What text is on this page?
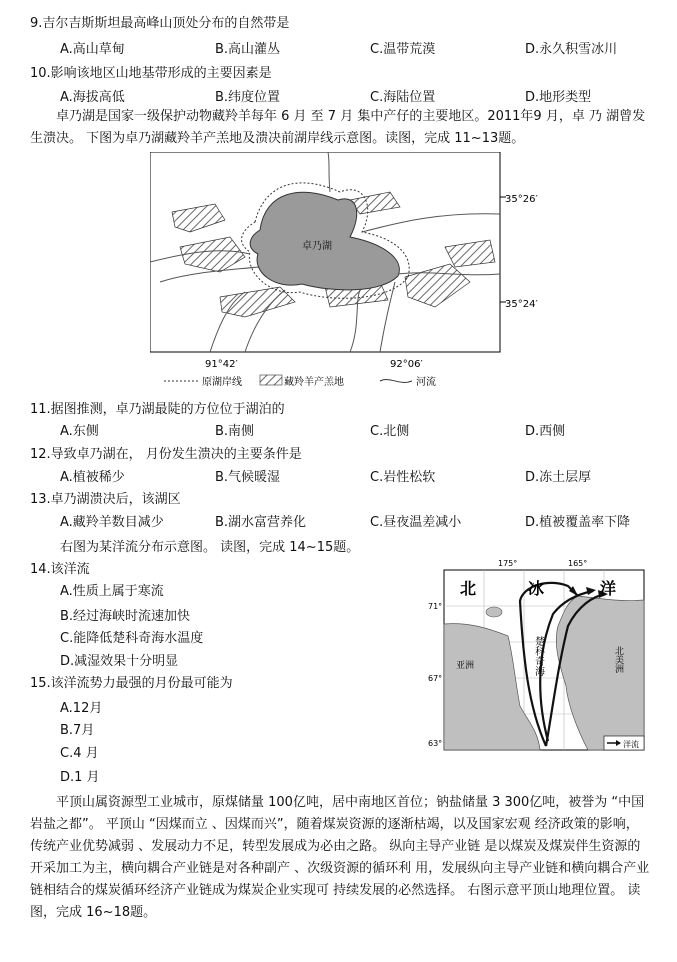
9.吉尔吉斯斯坦最高峰山顶处分布的自然带是
A.高山草甸	B.高山灌丛	C.温带荒漠	D.永久积雪冰川
10.影响该地区山地基带形成的主要因素是
A.海拔高低	B.纬度位置	C.海陆位置	D.地形类型
卓乃湖是国家一级保护动物藏羚羊每年 6 月 至 7 月 集中产仔的主要地区。2011年9 月，卓 乃 湖曾发生溃决。 下图为卓乃湖藏羚羊产羔地及溃决前湖岸线示意图。读图，完成 11~13题。
卓乃湖
35°26′
35°24′
91°42′	92°06′
原湖岸线	藏羚羊产羔地	河流
11.据图推测，卓乃湖最陡的方位位于湖泊的
A.东侧	B.南侧	C.北侧	D.西侧
12.导致卓乃湖在， 月份发生溃决的主要条件是
A.植被稀少	B.气候暖湿	C.岩性松软	D.冻土层厚
13.卓乃湖溃决后，该湖区
A.藏羚羊数目减少	B.湖水富营养化	C.昼夜温差减小	D.植被覆盖率下降
右图为某洋流分布示意图。 读图，完成 14~15题。
14.该洋流
A.性质上属于寒流
B.经过海峡时流速加快
C.能降低楚科奇海水温度
D.减湿效果十分明显
15.该洋流势力最强的月份最可能为
A.12月
B.7月
C.4 月
D.1 月
北	冰	洋
楚科奇海
亚洲	北美洲
175°	165°
71°
67°
63°	洋流
平顶山属资源型工业城市，原煤储量 100亿吨，居中南地区首位；钠盐储量 3 300亿吨，被誉为 “中国岩盐之都”。 平顶山 “因煤而立 、因煤而兴”，随着煤炭资源的逐渐枯竭，以及国家宏观 经济政策的影响，传统产业优势减弱 、发展动力不足，转型发展成为必由之路。 纵向主导产业链 是以煤炭及煤炭伴生资源的开采加工为主，横向耦合产业链是对各种副产 、次级资源的循环利 用，发展纵向主导产业链和横向耦合产业链相结合的煤炭循环经济产业链成为煤炭企业实现可 持续发展的必然选择。 右图示意平顶山地理位置。 读图，完成 16~18题。
